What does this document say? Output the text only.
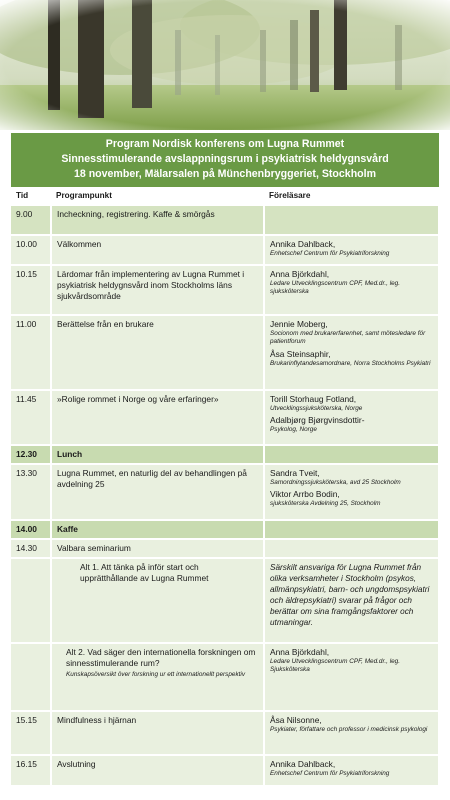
Program Nordisk konferens om Lugna Rummet
Sinnesstimulerande avslappningsrum i psykiatrisk heldygnsvård
18 november, Mälarsalen på Münchenbryggeriet, Stockholm
Tid	Programpunkt	Föreläsare
9.00	Incheckning, registrering. Kaffe & smörgås	
10.00	Välkommen	Annika Dahlback,
Enhetschef Centrum för Psykiatriforskning

10.15	Lärdomar från implementering av Lugna Rummet i psykiatrisk heldygnsvård inom Stockholms läns sjukvårdsområde	Anna Björkdahl,
Ledare Utvecklingscentrum CPF, Med.dr., leg. sjuksköterska

11.00	Berättelse från en brukare	Jennie Moberg,
Socionom med brukarerfarenhet, samt mötesledare för patientforum
Åsa Steinsaphir,
Brukarinflytandesamordnare, Norra Stockholms Psykiatri

11.45	»Rolige rommet i Norge og våre erfaringer»	Torill Storhaug Fotland,
Utvecklingssjuksköterska, Norge
Adalbjørg Bjørgvinsdottir-
Psykolog, Norge

12.30	Lunch	
13.30	Lugna Rummet, en naturlig del av behandlingen på avdelning 25	Sandra Tveit,
Samordningssjuksköterska, avd 25 Stockholm
Viktor Arrbo Bodin,
sjuksköterska Avdelning 25, Stockholm

14.00	Kaffe	
14.30	Valbara seminarium	
	Alt 1. Att tänka på inför start och upprätthållande av Lugna Rummet	Särskilt ansvariga för Lugna Rummet från olika verksamheter i Stockholm (psykos, allmänpsykiatri, barn- och ungdomspsykiatri och äldrepsykiatri) svarar på frågor och berättar om sina framgångsfaktorer och utmaningar.
	Alt 2. Vad säger den internationella forskningen om sinnesstimulerande rum?
Kunskapsöversikt över forskning ur ett internationellt perspektiv	Anna Björkdahl,
Ledare Utvecklingscentrum CPF, Med.dr., leg. Sjuksköterska

15.15	Mindfulness i hjärnan	Åsa Nilsonne,
Psykiater, författare och professor i medicinsk psykologi

16.15	Avslutning	Annika Dahlback,
Enhetschef Centrum för Psykiatriforskning
